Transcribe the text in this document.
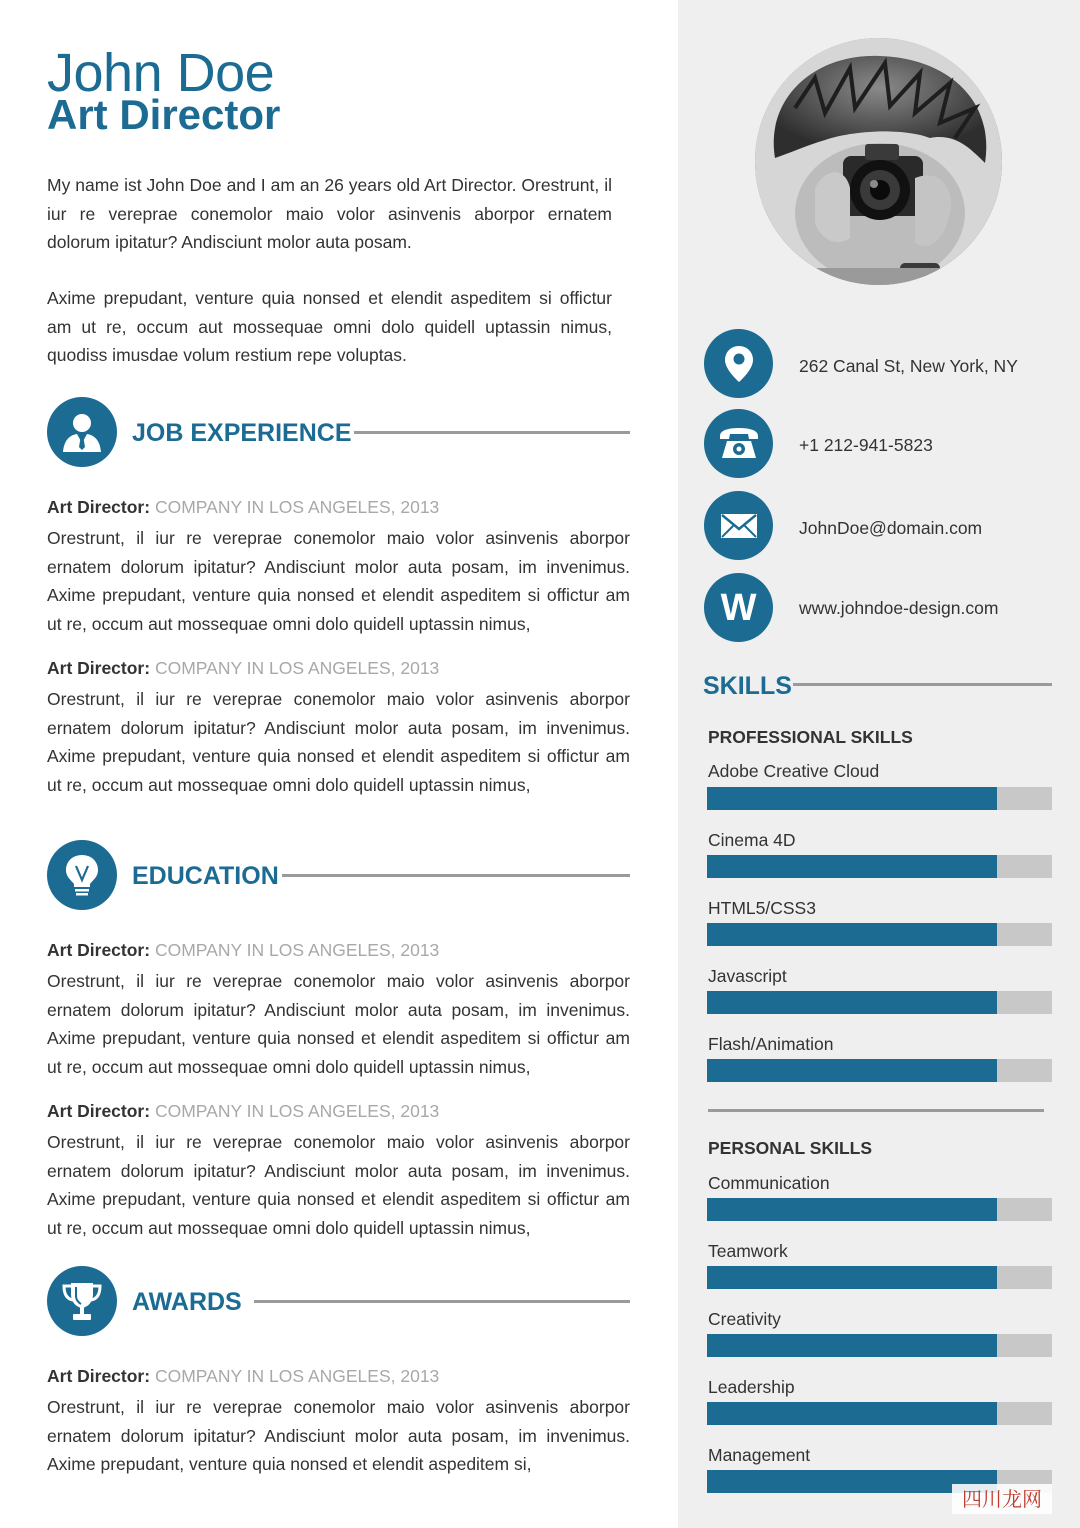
John Doe
Art Director

My name ist John Doe and I am an 26 years old Art Director. Orestrunt, il iur re vereprae conemolor maio volor asinvenis aborpor ernatem dolorum ipitatur? Andisciunt molor auta posam.

Axime prepudant, venture quia nonsed et elendit aspeditem si offictur am ut re, occum aut mossequae omni dolo quidell uptassin nimus, quodiss imusdae volum restium repe voluptas.

JOB EXPERIENCE
Art Director: COMPANY IN LOS ANGELES, 2013

Orestrunt, il iur re vereprae conemolor maio volor asinvenis aborpor ernatem dolorum ipitatur? Andisciunt molor auta posam, im invenimus. Axime prepudant, venture quia nonsed et elendit aspeditem si offictur am ut re, occum aut mossequae omni dolo quidell uptassin nimus,

Art Director: COMPANY IN LOS ANGELES, 2013

Orestrunt, il iur re vereprae conemolor maio volor asinvenis aborpor ernatem dolorum ipitatur? Andisciunt molor auta posam, im invenimus. Axime prepudant, venture quia nonsed et elendit aspeditem si offictur am ut re, occum aut mossequae omni dolo quidell uptassin nimus,

EDUCATION
Art Director: COMPANY IN LOS ANGELES, 2013

Orestrunt, il iur re vereprae conemolor maio volor asinvenis aborpor ernatem dolorum ipitatur? Andisciunt molor auta posam, im invenimus. Axime prepudant, venture quia nonsed et elendit aspeditem si offictur am ut re, occum aut mossequae omni dolo quidell uptassin nimus,

Art Director: COMPANY IN LOS ANGELES, 2013

Orestrunt, il iur re vereprae conemolor maio volor asinvenis aborpor ernatem dolorum ipitatur? Andisciunt molor auta posam, im invenimus. Axime prepudant, venture quia nonsed et elendit aspeditem si offictur am ut re, occum aut mossequae omni dolo quidell uptassin nimus,

AWARDS
Art Director: COMPANY IN LOS ANGELES, 2013

Orestrunt, il iur re vereprae conemolor maio volor asinvenis aborpor ernatem dolorum ipitatur? Andisciunt molor auta posam, im invenimus. Axime prepudant, venture quia nonsed et elendit aspeditem si,

262 Canal St, New York, NY
+1 212-941-5823
JohnDoe@domain.com
W www.johndoe-design.com
SKILLS
PROFESSIONAL SKILLS
Adobe Creative Cloud
Cinema 4D
HTML5/CSS3
Javascript
Flash/Animation
PERSONAL SKILLS
Communication
Teamwork
Creativity
Leadership
Management
四川龙网
